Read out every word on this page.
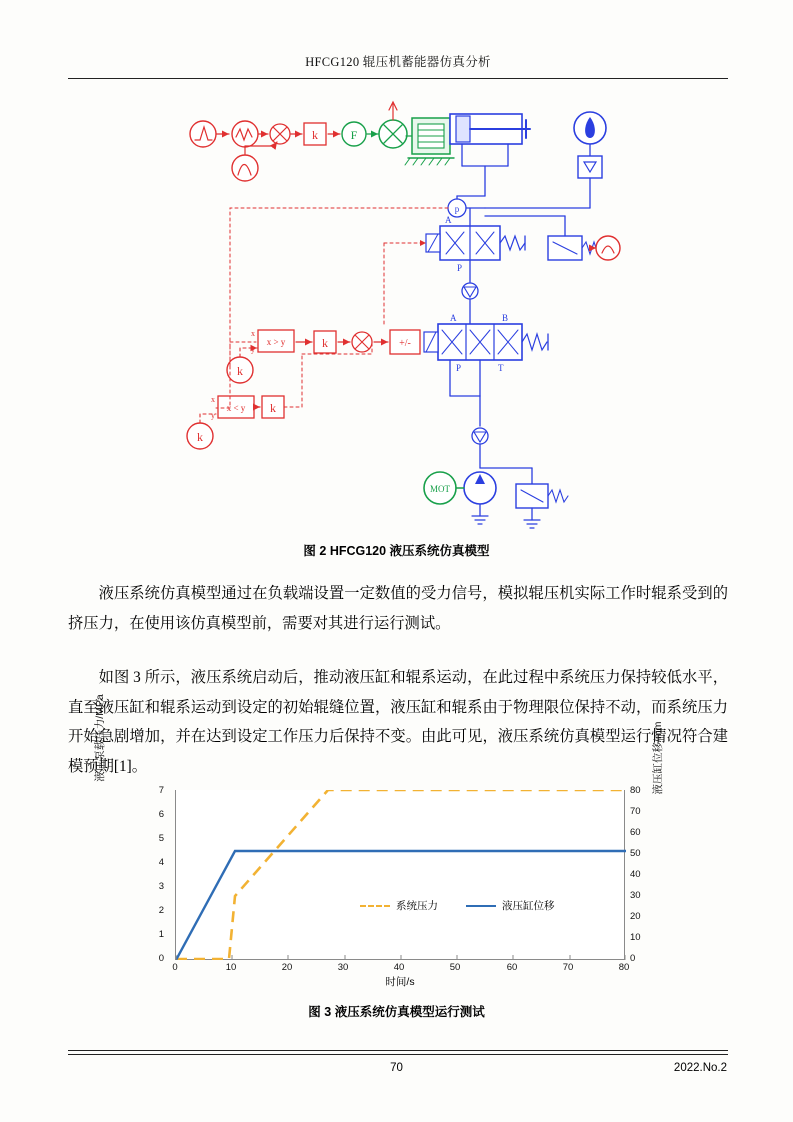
HFCG120 辊压机蓄能器仿真分析
k	F
p
A
P
A	B
P	T
+/-
k
x > y
x
y
k
x < y
x
y
k
k
MOT
图 2 HFCG120 液压系统仿真模型

液压系统仿真模型通过在负载端设置一定数值的受力信号，模拟辊压机实际工作时辊系受到的挤压力，在使用该仿真模型前，需要对其进行运行测试。

如图 3 所示，液压系统启动后，推动液压缸和辊系运动，在此过程中系统压力保持较低水平，直至液压缸和辊系运动到设定的初始辊缝位置，液压缸和辊系由于物理限位保持不动，而系统压力开始急剧增加，并在达到设定工作压力后保持不变。由此可见，液压系统仿真模型运行情况符合建模预期[1]。

液压泵载压力/MPa	液压缸位移/mm
7
6
5
4
3
2
1
0
80
70
60
50
40
30
20
10
0
0	10	20	30	40	50	60	70	80
系统压力	液压缸位移
时间/s
图 3 液压系统仿真模型运行测试
70	2022.No.2
